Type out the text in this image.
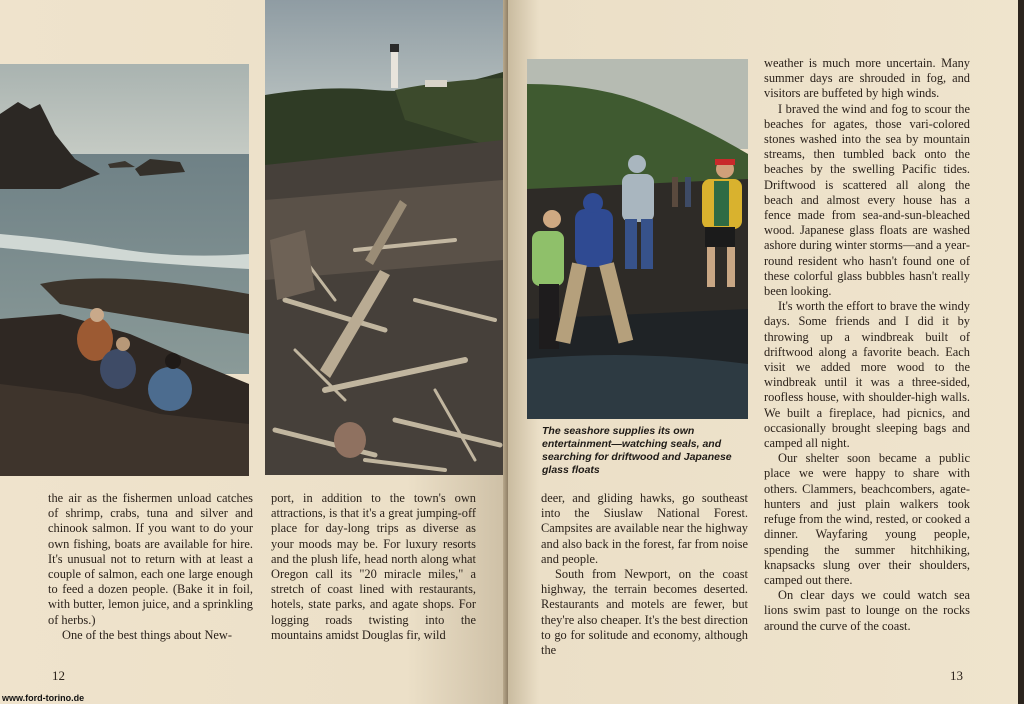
the air as the fishermen unload catches of shrimp, crabs, tuna and silver and chinook salmon. If you want to do your own fishing, boats are available for hire. It's unusual not to return with at least a couple of salmon, each one large enough to feed a dozen people. (Bake it in foil, with butter, lemon juice, and a sprinkling of herbs.)

One of the best things about New-

port, in addition to the town's own attractions, is that it's a great jumping-off place for day-long trips as diverse as your moods may be. For luxury resorts and the plush life, head north along what Oregon call its "20 miracle miles," a stretch of coast lined with restaurants, hotels, state parks, and agate shops. For logging roads twisting into the mountains amidst Douglas fir, wild

12
www.ford-torino.de
The seashore supplies its own entertainment—watching seals, and searching for driftwood and Japanese glass floats

deer, and gliding hawks, go southeast into the Siuslaw National Forest. Campsites are available near the highway and also back in the forest, far from noise and people.

South from Newport, on the coast highway, the terrain becomes deserted. Restaurants and motels are fewer, but they're also cheaper. It's the best direction to go for solitude and economy, although the

weather is much more uncertain. Many summer days are shrouded in fog, and visitors are buffeted by high winds.

I braved the wind and fog to scour the beaches for agates, those vari-colored stones washed into the sea by mountain streams, then tumbled back onto the beaches by the swelling Pacific tides. Driftwood is scattered all along the beach and almost every house has a fence made from sea-and-sun-bleached wood. Japanese glass floats are washed ashore during winter storms—and a year-round resident who hasn't found one of these colorful glass bubbles hasn't really been looking.

It's worth the effort to brave the windy days. Some friends and I did it by throwing up a windbreak built of driftwood along a favorite beach. Each visit we added more wood to the windbreak until it was a three-sided, roofless house, with shoulder-high walls. We built a fireplace, had picnics, and occasionally brought sleeping bags and camped all night.

Our shelter soon became a public place we were happy to share with others. Clammers, beachcombers, agate-hunters and just plain walkers took refuge from the wind, rested, or cooked a dinner. Wayfaring young people, spending the summer hitchhiking, knapsacks slung over their shoulders, camped out there.

On clear days we could watch sea lions swim past to lounge on the rocks around the curve of the coast.

13
